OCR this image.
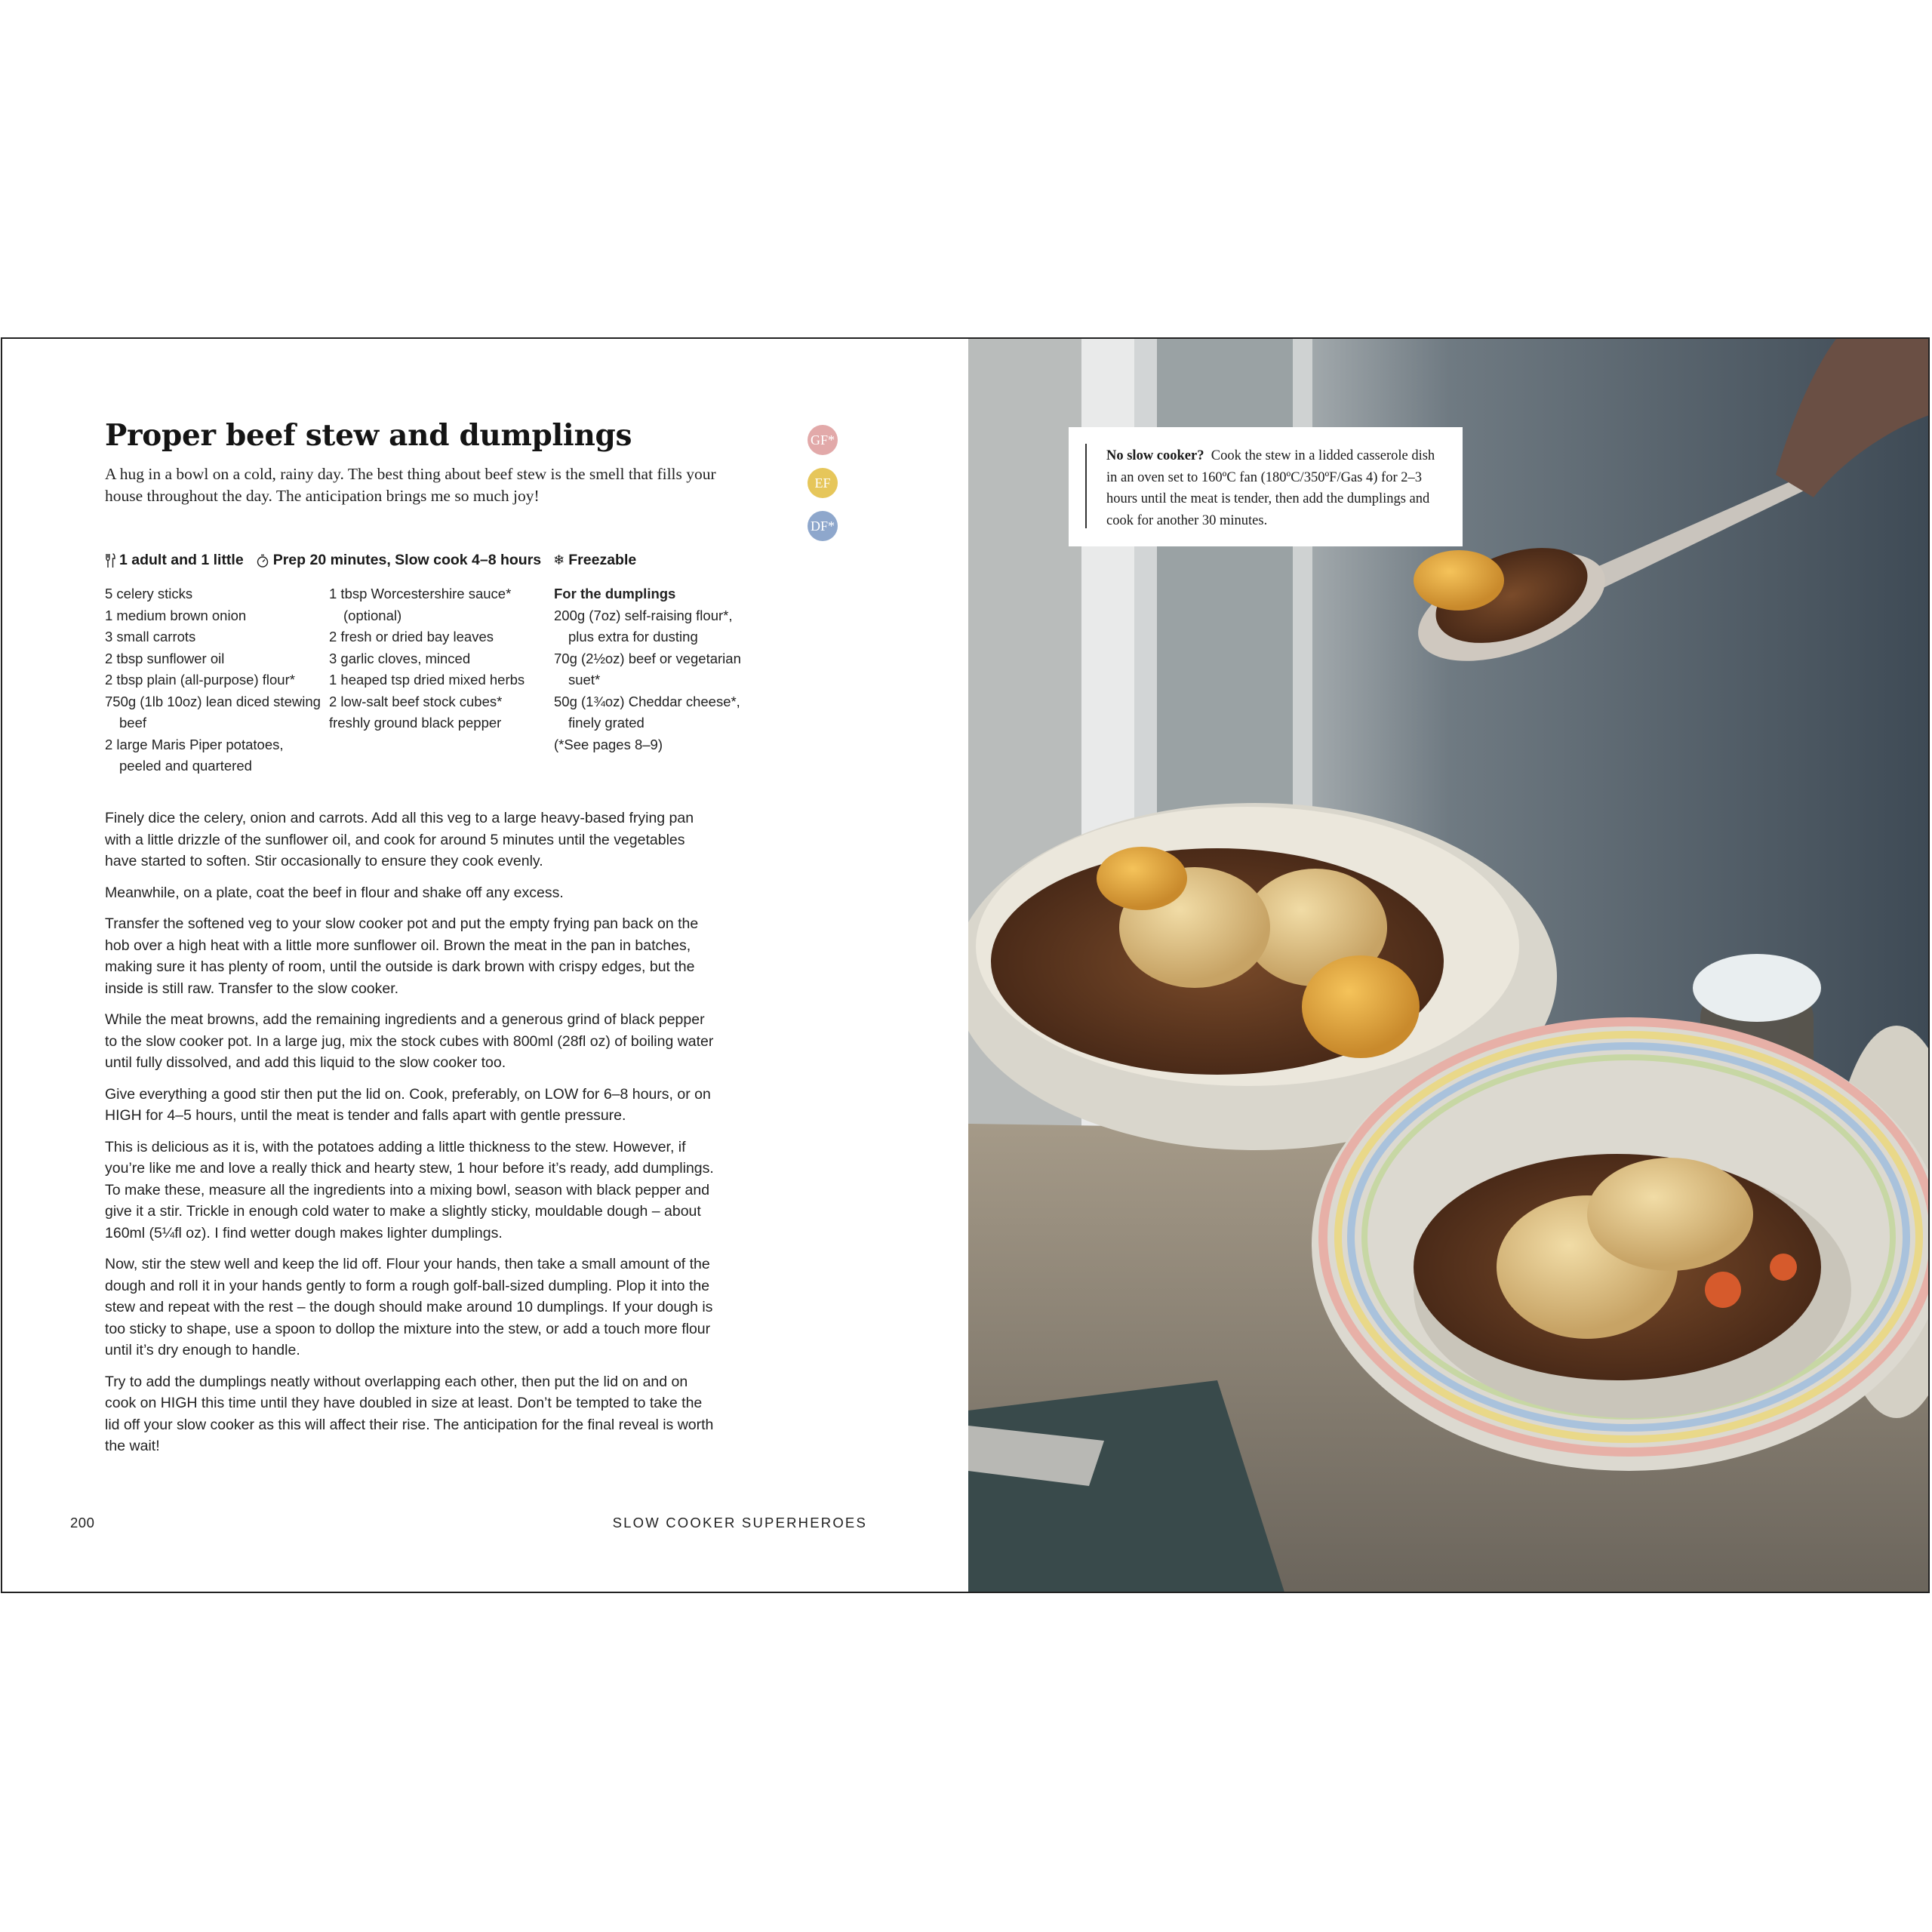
Proper beef stew and dumplings
A hug in a bowl on a cold, rainy day. The best thing about beef stew is the smell that fills your house throughout the day. The anticipation brings me so much joy!
GF*
EF
DF*
1 adult and 1 little Prep 20 minutes, Slow cook 4–8 hours ❄ Freezable
5 celery sticks
1 medium brown onion
3 small carrots
2 tbsp sunflower oil
2 tbsp plain (all-purpose) flour*
750g (1lb 10oz) lean diced stewing beef
2 large Maris Piper potatoes, peeled and quartered
1 tbsp Worcestershire sauce* (optional)
2 fresh or dried bay leaves
3 garlic cloves, minced
1 heaped tsp dried mixed herbs
2 low-salt beef stock cubes*
freshly ground black pepper
For the dumplings
200g (7oz) self-raising flour*, plus extra for dusting
70g (2½oz) beef or vegetarian suet*
50g (1¾oz) Cheddar cheese*, finely grated
(*See pages 8–9)

Finely dice the celery, onion and carrots. Add all this veg to a large heavy-based frying pan with a little drizzle of the sunflower oil, and cook for around 5 minutes until the vegetables have started to soften. Stir occasionally to ensure they cook evenly.

Meanwhile, on a plate, coat the beef in flour and shake off any excess.

Transfer the softened veg to your slow cooker pot and put the empty frying pan back on the hob over a high heat with a little more sunflower oil. Brown the meat in the pan in batches, making sure it has plenty of room, until the outside is dark brown with crispy edges, but the inside is still raw. Transfer to the slow cooker.

While the meat browns, add the remaining ingredients and a generous grind of black pepper to the slow cooker pot. In a large jug, mix the stock cubes with 800ml (28fl oz) of boiling water until fully dissolved, and add this liquid to the slow cooker too.

Give everything a good stir then put the lid on. Cook, preferably, on LOW for 6–8 hours, or on HIGH for 4–5 hours, until the meat is tender and falls apart with gentle pressure.

This is delicious as it is, with the potatoes adding a little thickness to the stew. However, if you’re like me and love a really thick and hearty stew, 1 hour before it’s ready, add dumplings. To make these, measure all the ingredients into a mixing bowl, season with black pepper and give it a stir. Trickle in enough cold water to make a slightly sticky, mouldable dough – about 160ml (5¼fl oz). I find wetter dough makes lighter dumplings.

Now, stir the stew well and keep the lid off. Flour your hands, then take a small amount of the dough and roll it in your hands gently to form a rough golf-ball-sized dumpling. Plop it into the stew and repeat with the rest – the dough should make around 10 dumplings. If your dough is too sticky to shape, use a spoon to dollop the mixture into the stew, or add a touch more flour until it’s dry enough to handle.

Try to add the dumplings neatly without overlapping each other, then put the lid on and on cook on HIGH this time until they have doubled in size at least. Don’t be tempted to take the lid off your slow cooker as this will affect their rise. The anticipation for the final reveal is worth the wait!

200	SLOW COOKER SUPERHEROES
No slow cooker? Cook the stew in a lidded casserole dish in an oven set to 160ºC fan (180ºC/350ºF/Gas 4) for 2–3 hours until the meat is tender, then add the dumplings and cook for another 30 minutes.
